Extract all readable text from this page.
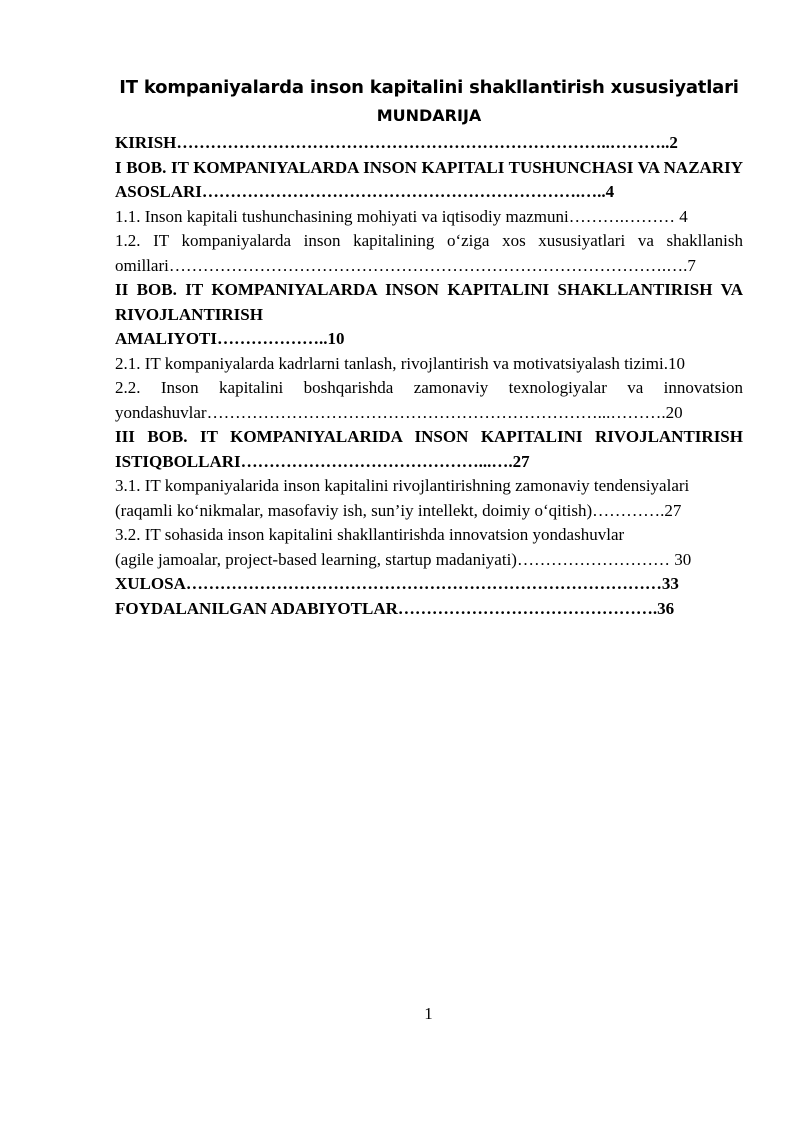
IT kompaniyalarda inson kapitalini shakllantirish xususiyatlari
MUNDARIJA

KIRISH…………………………………………………………………..………..2

I BOB. IT KOMPANIYALARDA INSON KAPITALI TUSHUNCHASI VA NAZARIY ASOSLARI………………………………………………………….…..4

1.1. Inson kapitali tushunchasining mohiyati va iqtisodiy mazmuni……….……… 4

1.2. IT kompaniyalarda inson kapitalining o‘ziga xos xususiyatlari va shakllanish omillari…………………………………………………………………………….….7

II BOB. IT KOMPANIYALARDA INSON KAPITALINI SHAKLLANTIRISH VA RIVOJLANTIRISH

AMALIYOTI………………..10

2.1. IT kompaniyalarda kadrlarni tanlash, rivojlantirish va motivatsiyalash tizimi.10

2.2. Inson kapitalini boshqarishda zamonaviy texnologiyalar va innovatsion yondashuvlar……………………………………………………………...……….20

III BOB. IT KOMPANIYALARIDA INSON KAPITALINI RIVOJLANTIRISH ISTIQBOLLARI……………………………………...….27

3.1. IT kompaniyalarida inson kapitalini rivojlantirishning zamonaviy tendensiyalari

(raqamli ko‘nikmalar, masofaviy ish, sun’iy intellekt, doimiy o‘qitish)………….27

3.2. IT sohasida inson kapitalini shakllantirishda innovatsion yondashuvlar

(agile jamoalar, project-based learning, startup madaniyati)……………………… 30

XULOSA…………………………………………………………………………33

FOYDALANILGAN ADABIYOTLAR……………………………………….36

1
